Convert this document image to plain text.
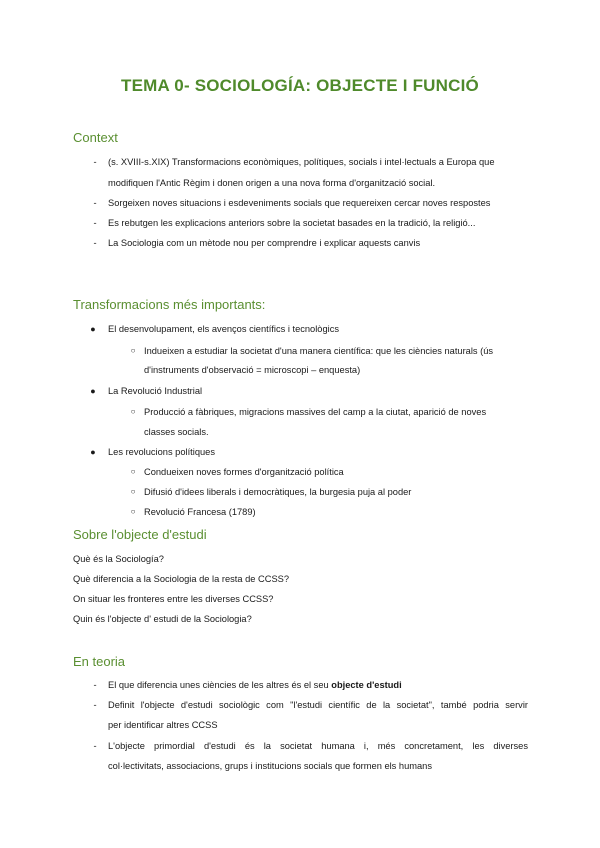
TEMA 0- SOCIOLOGÍA: OBJECTE I FUNCIÓ
Context
-	(s. XVIII-s.XIX) Transformacions econòmiques, polítiques, socials i intel·lectuals a Europa que
modifiquen l'Antic Règim i donen origen a una nova forma d'organització social.
-	Sorgeixen noves situacions i esdeveniments socials que requereixen cercar noves respostes
-	Es rebutgen les explicacions anteriors sobre la societat basades en la tradició, la religió...
-	La Sociologia com un mètode nou per comprendre i explicar aquests canvis
Transformacions més importants:
● El desenvolupament, els avenços científics i tecnològics
○ Indueixen a estudiar la societat d'una manera científica: que les ciències naturals (ús
d'instruments d'observació = microscopi – enquesta)
● La Revolució Industrial
○ Producció a fàbriques, migracions massives del camp a la ciutat, aparició de noves
classes socials.
● Les revolucions polítiques
○ Condueixen noves formes d'organització política
○ Difusió d'idees liberals i democràtiques, la burgesia puja al poder
○ Revolució Francesa (1789)
Sobre l'objecte d'estudi
Què és la Sociología?
Què diferencia a la Sociologia de la resta de CCSS?
On situar les fronteres entre les diverses CCSS?
Quin és l'objecte d' estudi de la Sociologia?
En teoria
-	El que diferencia unes ciències de les altres és el seu objecte d'estudi
-	Definit l'objecte d'estudi sociològic com "l'estudi científic de la societat", també podria servir
per identificar altres CCSS
-	L'objecte primordial d'estudi és la societat humana i, més concretament, les diverses
col·lectivitats, associacions, grups i institucions socials que formen els humans
